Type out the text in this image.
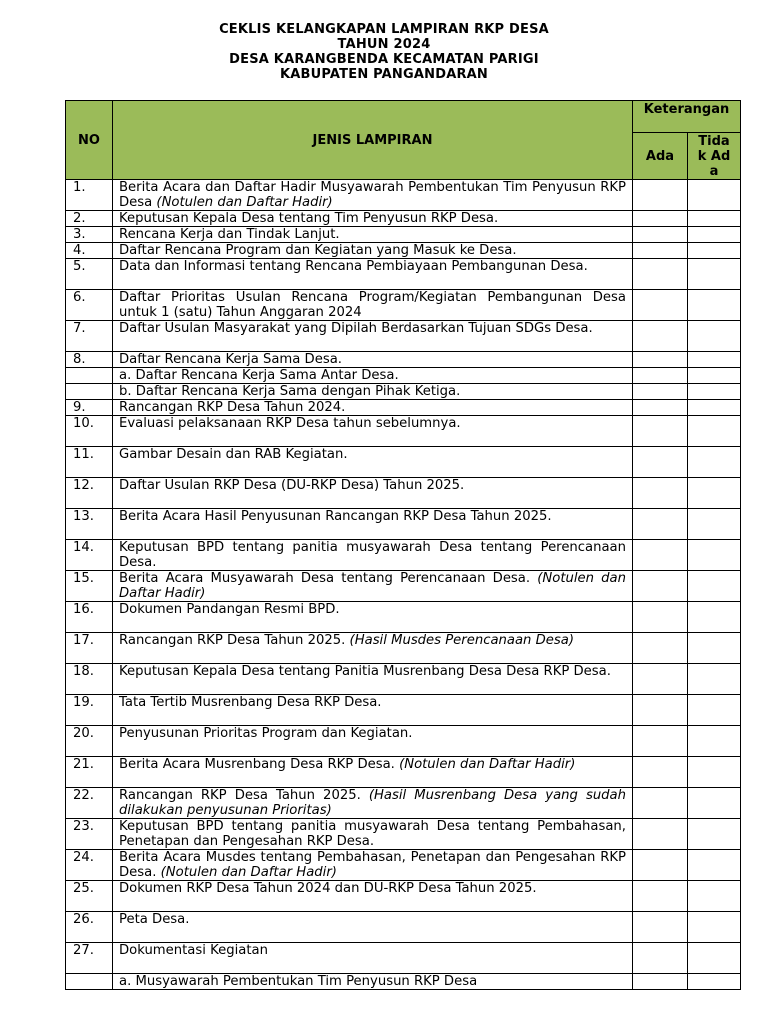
CEKLIS KELANGKAPAN LAMPIRAN RKP DESA
TAHUN 2024
DESA KARANGBENDA KECAMATAN PARIGI
KABUPATEN PANGANDARAN
NO	JENIS LAMPIRAN	Keterangan	

		Ada	Tidak Ada

1.	Berita Acara dan Daftar Hadir Musyawarah Pembentukan Tim Penyusun RKP Desa (Notulen dan Daftar Hadir)		
2.	Keputusan Kepala Desa tentang Tim Penyusun RKP Desa.		
3.	Rencana Kerja dan Tindak Lanjut.		
4.	Daftar Rencana Program dan Kegiatan yang Masuk ke Desa.		
5.	Data dan Informasi tentang Rencana Pembiayaan Pembangunan Desa.		
6.	Daftar Prioritas Usulan Rencana Program/Kegiatan Pembangunan Desa untuk 1 (satu) Tahun Anggaran 2024		
7.	Daftar Usulan Masyarakat yang Dipilah Berdasarkan Tujuan SDGs Desa.		
8.	Daftar Rencana Kerja Sama Desa.		
	a. Daftar Rencana Kerja Sama Antar Desa.		
	b. Daftar Rencana Kerja Sama dengan Pihak Ketiga.		
9.	Rancangan RKP Desa Tahun 2024.		
10.	Evaluasi pelaksanaan RKP Desa tahun sebelumnya.		
11.	Gambar Desain dan RAB Kegiatan.		
12.	Daftar Usulan RKP Desa (DU-RKP Desa) Tahun 2025.		
13.	Berita Acara Hasil Penyusunan Rancangan RKP Desa Tahun 2025.		
14.	Keputusan BPD tentang panitia musyawarah Desa tentang Perencanaan Desa.		
15.	Berita Acara Musyawarah Desa tentang Perencanaan Desa. (Notulen dan Daftar Hadir)		
16.	Dokumen Pandangan Resmi BPD.		
17.	Rancangan RKP Desa Tahun 2025. (Hasil Musdes Perencanaan Desa)		
18.	Keputusan Kepala Desa tentang Panitia Musrenbang Desa Desa RKP Desa.		
19.	Tata Tertib Musrenbang Desa RKP Desa.		
20.	Penyusunan Prioritas Program dan Kegiatan.		
21.	Berita Acara Musrenbang Desa RKP Desa. (Notulen dan Daftar Hadir)		
22.	Rancangan RKP Desa Tahun 2025. (Hasil Musrenbang Desa yang sudah dilakukan penyusunan Prioritas)		
23.	Keputusan BPD tentang panitia musyawarah Desa tentang Pembahasan, Penetapan dan Pengesahan RKP Desa.		
24.	Berita Acara Musdes tentang Pembahasan, Penetapan dan Pengesahan RKP Desa. (Notulen dan Daftar Hadir)		
25.	Dokumen RKP Desa Tahun 2024 dan DU-RKP Desa Tahun 2025.		
26.	Peta Desa.		
27.	Dokumentasi Kegiatan		
	a. Musyawarah Pembentukan Tim Penyusun RKP Desa		
